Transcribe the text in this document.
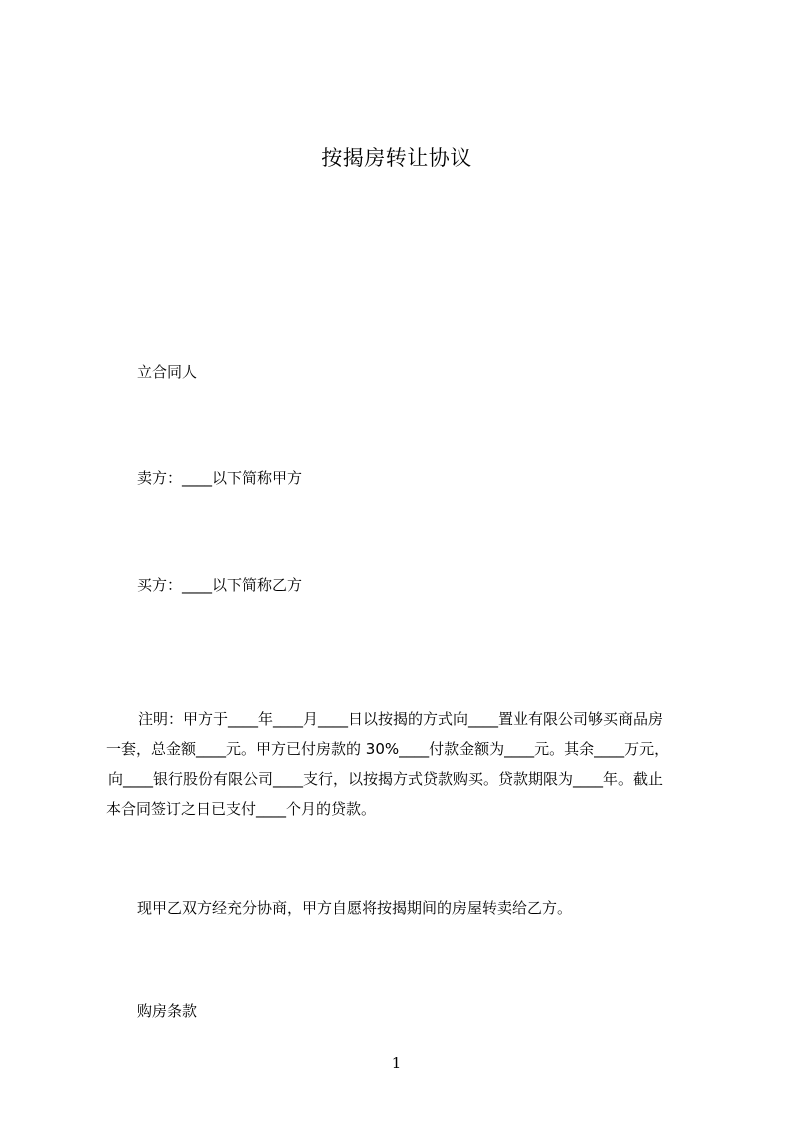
按揭房转让协议
立合同人
卖方：____以下简称甲方
买方：____以下简称乙方
注明：甲方于____年____月____日以按揭的方式向____置业有限公司够买商品房
一套，总金额____元。甲方已付房款的 30%____付款金额为____元。其余____万元，
向____银行股份有限公司____支行，以按揭方式贷款购买。贷款期限为____年。截止
本合同签订之日已支付____个月的贷款。
现甲乙双方经充分协商，甲方自愿将按揭期间的房屋转卖给乙方。
购房条款
1
